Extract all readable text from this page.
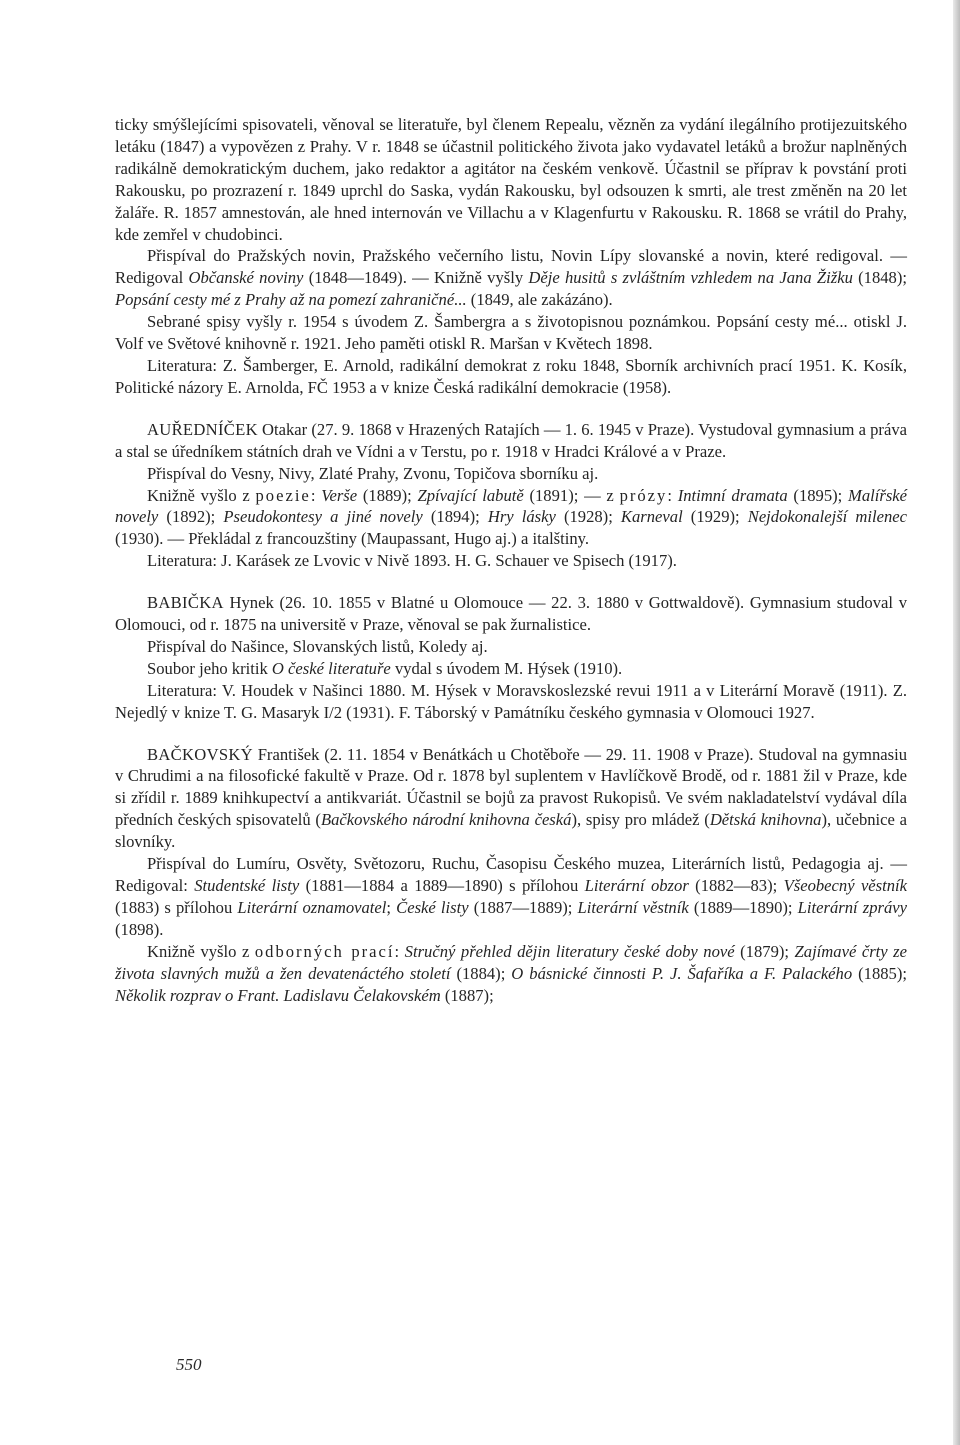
ticky smýšlejícími spisovateli, věnoval se literatuře, byl členem Repealu, vězněn za vydání ilegálního protijezuitského letáku (1847) a vypovězen z Prahy. V r. 1848 se účastnil politického života jako vydavatel letáků a brožur naplněných radikálně demokratickým duchem, jako redaktor a agitátor na českém venkově. Účastnil se příprav k povstání proti Rakousku, po prozrazení r. 1849 uprchl do Saska, vydán Rakousku, byl odsouzen k smrti, ale trest změněn na 20 let žaláře. R. 1857 amnestován, ale hned internován ve Villachu a v Klagenfurtu v Rakousku. R. 1868 se vrátil do Prahy, kde zemřel v chudobinci.

Přispíval do Pražských novin, Pražského večerního listu, Novin Lípy slovanské a novin, které redigoval. — Redigoval Občanské noviny (1848—1849). — Knižně vyšly Děje husitů s zvláštním vzhledem na Jana Žižku (1848); Popsání cesty mé z Prahy až na pomezí zahraničné... (1849, ale zakázáno).

Sebrané spisy vyšly r. 1954 s úvodem Z. Šambergra a s životopisnou poznámkou. Popsání cesty mé... otiskl J. Volf ve Světové knihovně r. 1921. Jeho paměti otiskl R. Maršan v Květech 1898.

Literatura: Z. Šamberger, E. Arnold, radikální demokrat z roku 1848, Sborník archivních prací 1951. K. Kosík, Politické názory E. Arnolda, FČ 1953 a v knize Česká radikální demokracie (1958).

AUŘEDNÍČEK Otakar (27. 9. 1868 v Hrazených Ratajích — 1. 6. 1945 v Praze). Vystudoval gymnasium a práva a stal se úředníkem státních drah ve Vídni a v Terstu, po r. 1918 v Hradci Králové a v Praze.

Přispíval do Vesny, Nivy, Zlaté Prahy, Zvonu, Topičova sborníku aj.

Knižně vyšlo z poezie: Verše (1889); Zpívající labutě (1891); — z prózy: Intimní dramata (1895); Malířské novely (1892); Pseudokontesy a jiné novely (1894); Hry lásky (1928); Karneval (1929); Nejdokonalejší milenec (1930). — Překládal z francouzštiny (Maupassant, Hugo aj.) a italštiny.

Literatura: J. Karásek ze Lvovic v Nivě 1893. H. G. Schauer ve Spisech (1917).

BABIČKA Hynek (26. 10. 1855 v Blatné u Olomouce — 22. 3. 1880 v Gottwaldově). Gymnasium studoval v Olomouci, od r. 1875 na universitě v Praze, věnoval se pak žurnalistice.

Přispíval do Našince, Slovanských listů, Koledy aj.

Soubor jeho kritik O české literatuře vydal s úvodem M. Hýsek (1910).

Literatura: V. Houdek v Našinci 1880. M. Hýsek v Moravskoslezské revui 1911 a v Literární Moravě (1911). Z. Nejedlý v knize T. G. Masaryk I/2 (1931). F. Táborský v Památníku českého gymnasia v Olomouci 1927.

BAČKOVSKÝ František (2. 11. 1854 v Benátkách u Chotěboře — 29. 11. 1908 v Praze). Studoval na gymnasiu v Chrudimi a na filosofické fakultě v Praze. Od r. 1878 byl suplentem v Havlíčkově Brodě, od r. 1881 žil v Praze, kde si zřídil r. 1889 knihkupectví a antikvariát. Účastnil se bojů za pravost Rukopisů. Ve svém nakladatelství vydával díla předních českých spisovatelů (Bačkovského národní knihovna česká), spisy pro mládež (Dětská knihovna), učebnice a slovníky.

Přispíval do Lumíru, Osvěty, Světozoru, Ruchu, Časopisu Českého muzea, Literárních listů, Pedagogia aj. — Redigoval: Studentské listy (1881—1884 a 1889—1890) s přílohou Literární obzor (1882—83); Všeobecný věstník (1883) s přílohou Literární oznamovatel; České listy (1887—1889); Literární věstník (1889—1890); Literární zprávy (1898).

Knižně vyšlo z odborných prací: Stručný přehled dějin literatury české doby nové (1879); Zajímavé črty ze života slavných mužů a žen devatenáctého století (1884); O básnické činnosti P. J. Šafaříka a F. Palackého (1885); Několik rozprav o Frant. Ladislavu Čelakovském (1887);

550
